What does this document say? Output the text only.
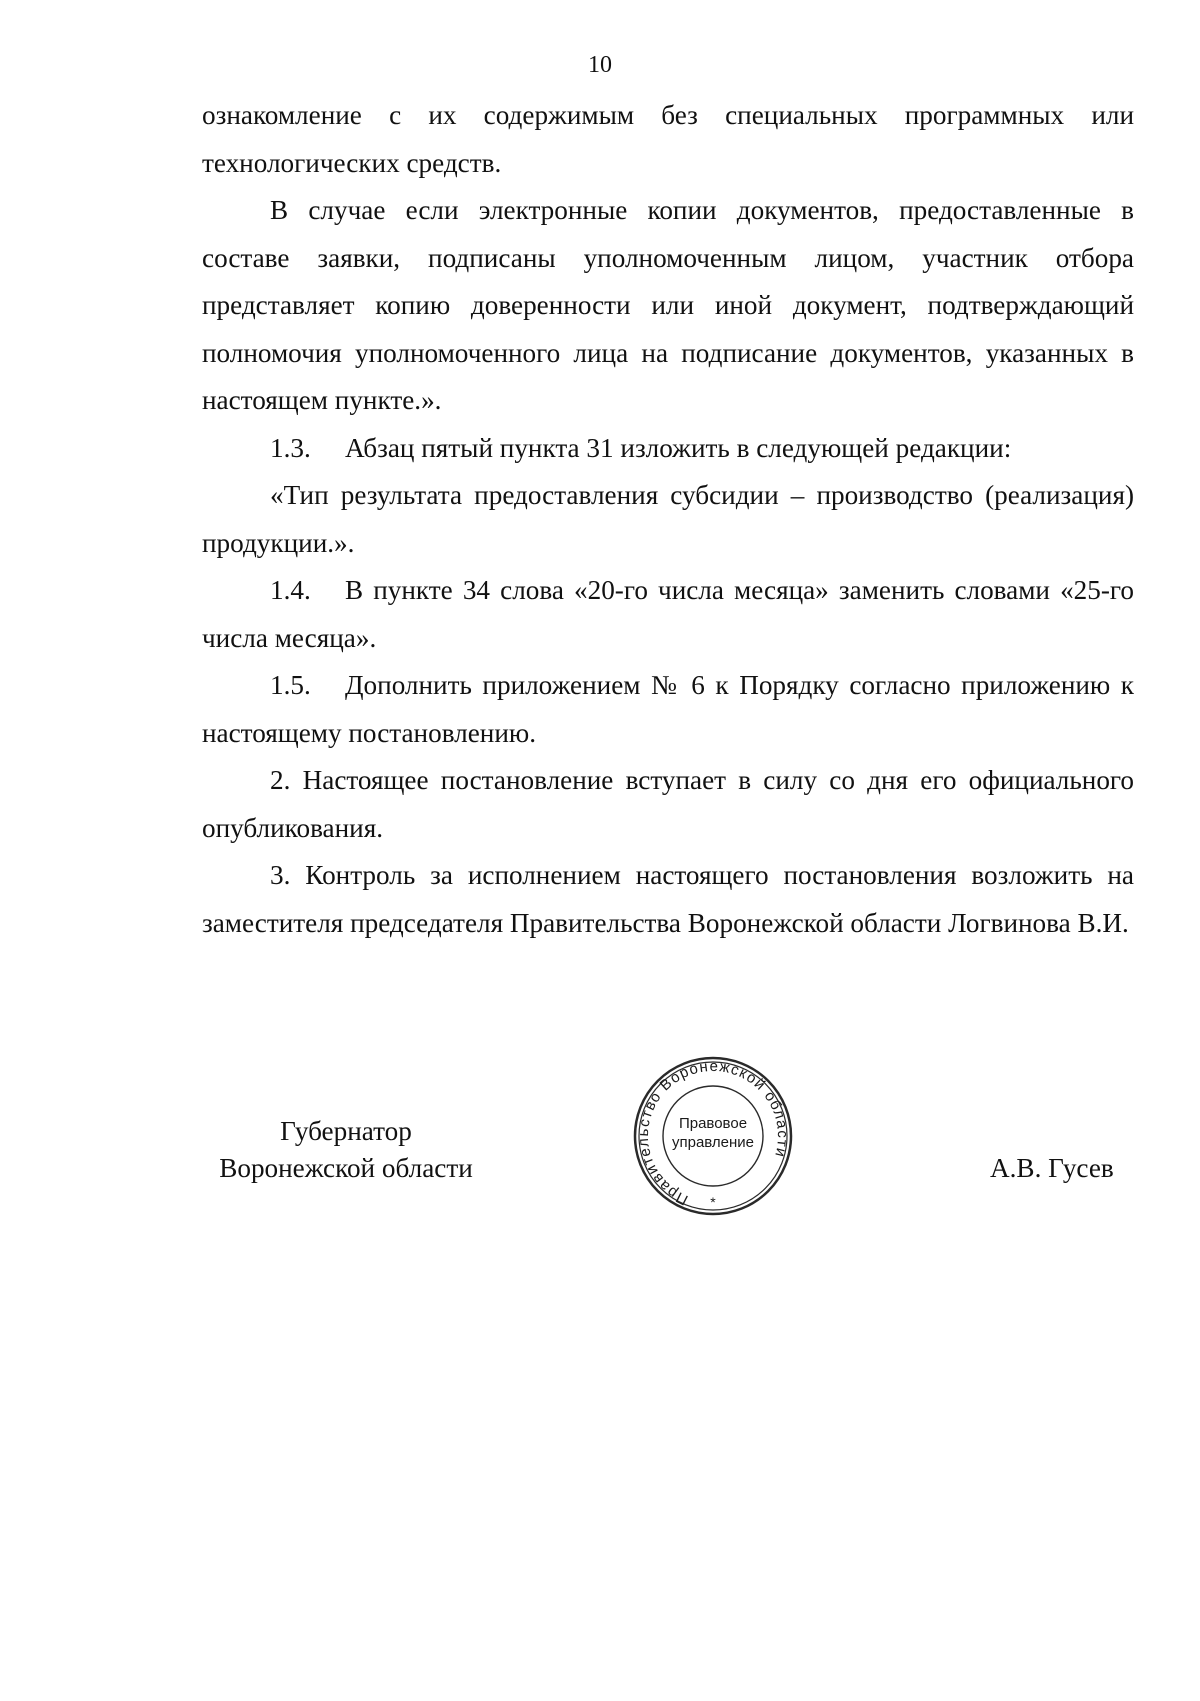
10

ознакомление с их содержимым без специальных программных или технологических средств.

В случае если электронные копии документов, предоставленные в составе заявки, подписаны уполномоченным лицом, участник отбора представляет копию доверенности или иной документ, подтверждающий полномочия уполномоченного лица на подписание документов, указанных в настоящем пункте.».

1.3. Абзац пятый пункта 31 изложить в следующей редакции:

«Тип результата предоставления субсидии – производство (реализация) продукции.».

1.4. В пункте 34 слова «20-го числа месяца» заменить словами «25-го числа месяца».

1.5. Дополнить приложением № 6 к Порядку согласно приложению к настоящему постановлению.

2. Настоящее постановление вступает в силу со дня его официального опубликования.

3. Контроль за исполнением настоящего постановления возложить на заместителя председателя Правительства Воронежской области Логвинова В.И.

Губернатор
Воронежской области
Правительство Воронежской области
*
Правовое
управление
А.В. Гусев
